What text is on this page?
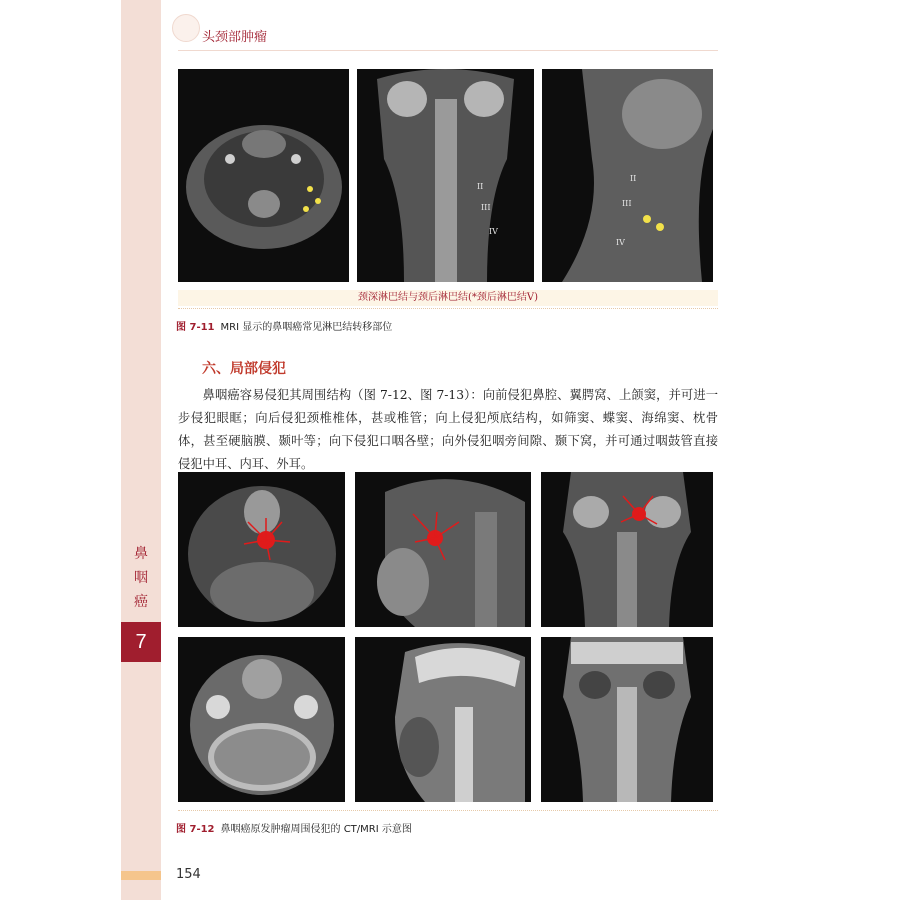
鼻
咽
癌
7
头颈部肿瘤
II
III
IV
II
III
IV
颈深淋巴结与颈后淋巴结(*颈后淋巴结V)
图 7-11 MRI 显示的鼻咽癌常见淋巴结转移部位
六、局部侵犯

鼻咽癌容易侵犯其周围结构（图 7-12、图 7-13）：向前侵犯鼻腔、翼腭窝、上颌窦，并可进一步侵犯眼眶；向后侵犯颈椎椎体，甚或椎管；向上侵犯颅底结构，如筛窦、蝶窦、海绵窦、枕骨体，甚至硬脑膜、颞叶等；向下侵犯口咽各壁；向外侵犯咽旁间隙、颞下窝，并可通过咽鼓管直接侵犯中耳、内耳、外耳。

图 7-12 鼻咽癌原发肿瘤周围侵犯的 CT/MRI 示意图
154
